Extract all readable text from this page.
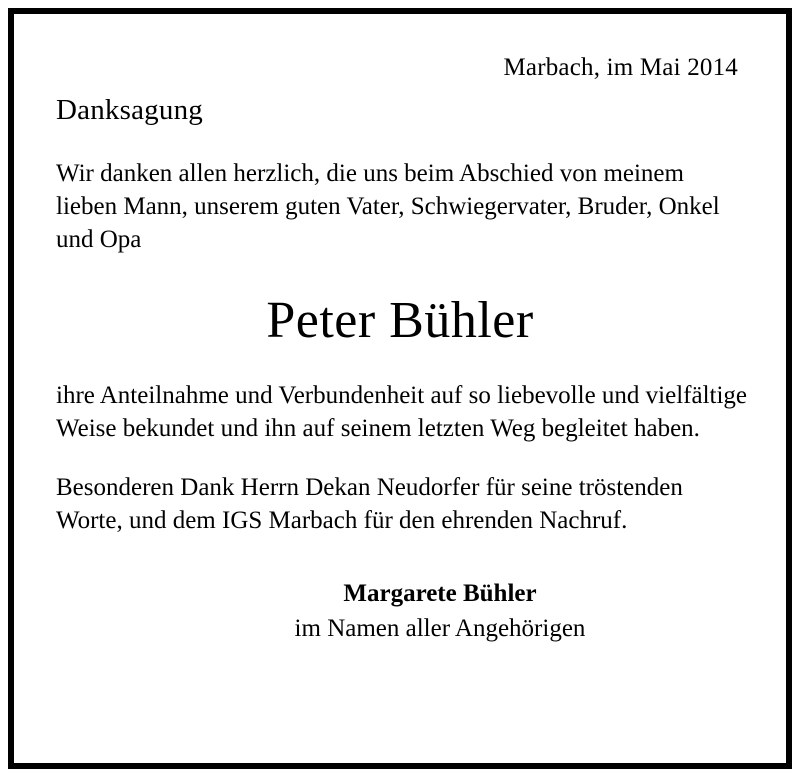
Marbach, im Mai 2014
Danksagung
Wir danken allen herzlich, die uns beim Abschied von meinem lieben Mann, unserem guten Vater, Schwiegervater, Bruder, Onkel und Opa
Peter Bühler
ihre Anteilnahme und Verbundenheit auf so liebevolle und vielfältige Weise bekundet und ihn auf seinem letzten Weg begleitet haben.
Besonderen Dank Herrn Dekan Neudorfer für seine tröstenden Worte, und dem IGS Marbach für den ehrenden Nachruf.
Margarete Bühler
im Namen aller Angehörigen
